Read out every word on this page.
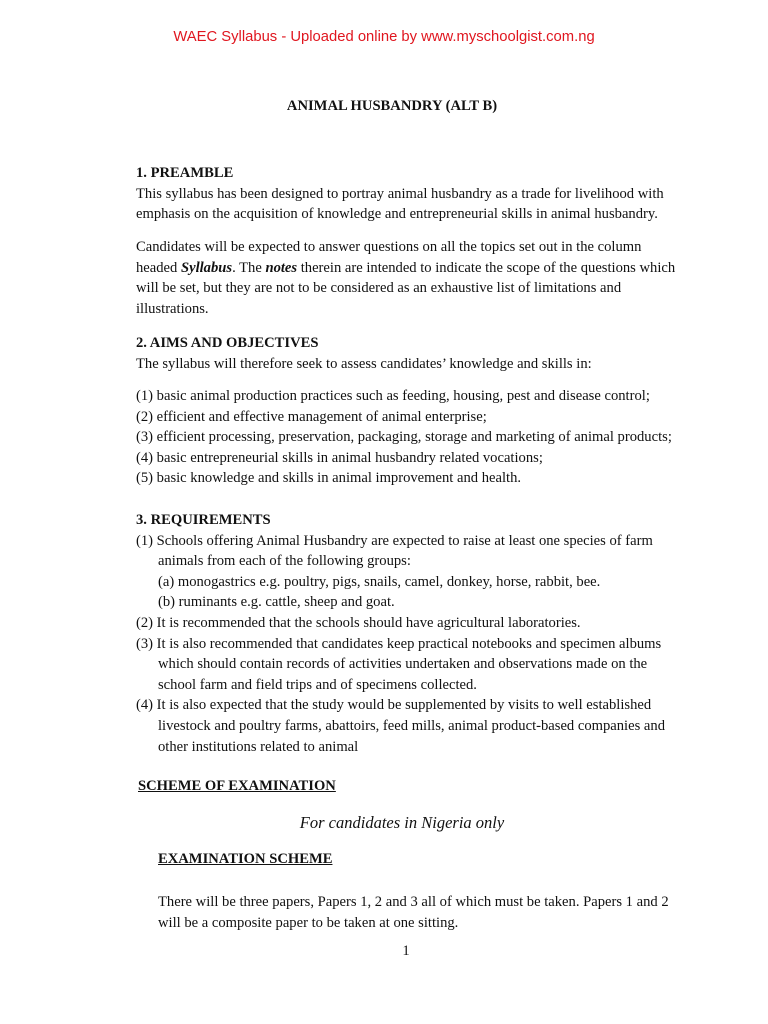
WAEC Syllabus - Uploaded online by www.myschoolgist.com.ng
ANIMAL HUSBANDRY (ALT B)

1. PREAMBLE

This syllabus has been designed to portray animal husbandry as a trade for livelihood with

emphasis on the acquisition of knowledge and entrepreneurial skills in animal husbandry.

Candidates will be expected to answer questions on all the topics set out in the column

headed Syllabus. The notes therein are intended to indicate the scope of the questions which

will be set, but they are not to be considered as an exhaustive list of limitations and

illustrations.

2. AIMS AND OBJECTIVES

The syllabus will therefore seek to assess candidates’ knowledge and skills in:

(1) basic animal production practices such as feeding, housing, pest and disease control;

(2) efficient and effective management of animal enterprise;

(3) efficient processing, preservation, packaging, storage and marketing of animal products;

(4) basic entrepreneurial skills in animal husbandry related vocations;

(5) basic knowledge and skills in animal improvement and health.

3. REQUIREMENTS

(1) Schools offering Animal Husbandry are expected to raise at least one species of farm

animals from each of the following groups:

(a) monogastrics e.g. poultry, pigs, snails, camel, donkey, horse, rabbit, bee.

(b) ruminants e.g. cattle, sheep and goat.

(2) It is recommended that the schools should have agricultural laboratories.

(3) It is also recommended that candidates keep practical notebooks and specimen albums

which should contain records of activities undertaken and observations made on the

school farm and field trips and of specimens collected.

(4) It is also expected that the study would be supplemented by visits to well established

livestock and poultry farms, abattoirs, feed mills, animal product-based companies and

other institutions related to animal

SCHEME OF EXAMINATION

For candidates in Nigeria only

EXAMINATION SCHEME

There will be three papers, Papers 1, 2 and 3 all of which must be taken. Papers 1 and 2

will be a composite paper to be taken at one sitting.

1
